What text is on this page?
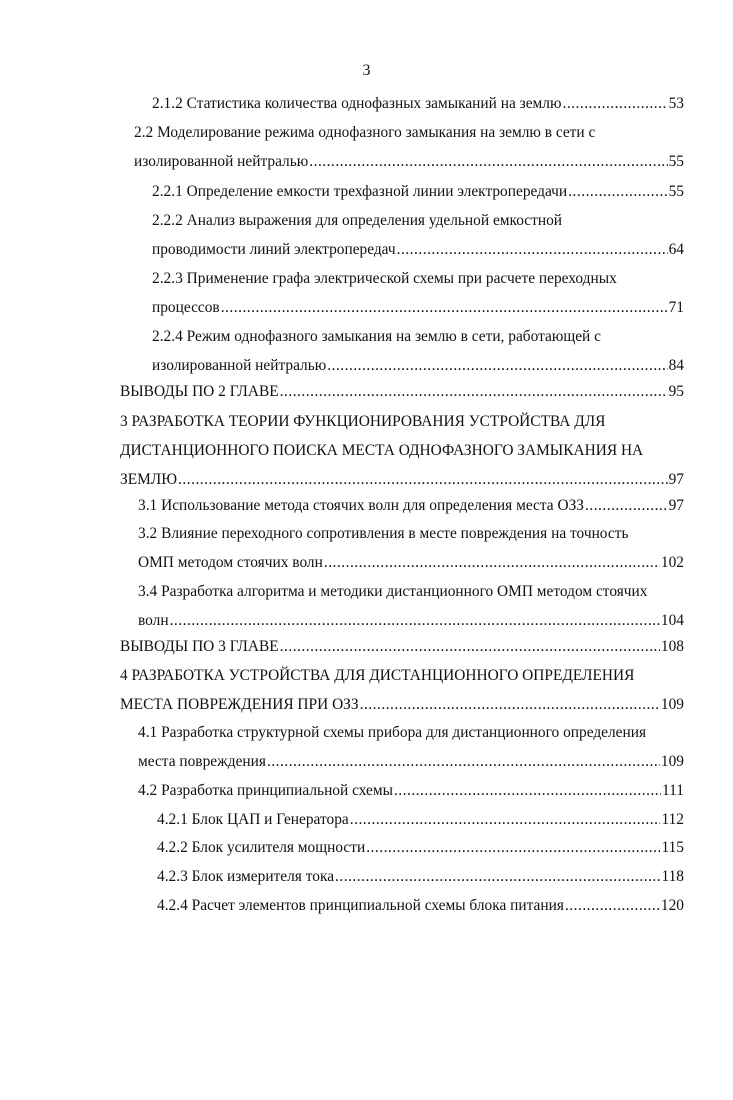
3
2.1.2 Статистика количества однофазных замыканий на землю .....	53
2.2 Моделирование режима однофазного замыкания на землю в сети с
изолированной нейтралью .....	55
2.2.1 Определение емкости трехфазной линии электропередачи .....	55
2.2.2 Анализ выражения для определения удельной емкостной
проводимости линий электропередач .....	64
2.2.3 Применение графа электрической схемы при расчете переходных
процессов .....	71
2.2.4 Режим однофазного замыкания на землю в сети, работающей с
изолированной нейтралью .....	84
ВЫВОДЫ ПО 2 ГЛАВЕ .....	95
3 РАЗРАБОТКА ТЕОРИИ ФУНКЦИОНИРОВАНИЯ УСТРОЙСТВА ДЛЯ
ДИСТАНЦИОННОГО ПОИСКА МЕСТА ОДНОФАЗНОГО ЗАМЫКАНИЯ НА
ЗЕМЛЮ .....	97
3.1 Использование метода стоячих волн для определения места ОЗЗ .....	97
3.2 Влияние переходного сопротивления в месте повреждения на точность
ОМП методом стоячих волн .....	102
3.4 Разработка алгоритма и методики дистанционного ОМП методом стоячих
волн .....	104
ВЫВОДЫ ПО 3 ГЛАВЕ .....	108
4 РАЗРАБОТКА УСТРОЙСТВА ДЛЯ ДИСТАНЦИОННОГО ОПРЕДЕЛЕНИЯ
МЕСТА ПОВРЕЖДЕНИЯ ПРИ ОЗЗ .....	109
4.1 Разработка структурной схемы прибора для дистанционного определения
места повреждения .....	109
4.2 Разработка принципиальной схемы .....	111
4.2.1 Блок ЦАП и Генератора .....	112
4.2.2 Блок усилителя мощности .....	115
4.2.3 Блок измерителя тока .....	118
4.2.4 Расчет элементов принципиальной схемы блока питания .....	120
